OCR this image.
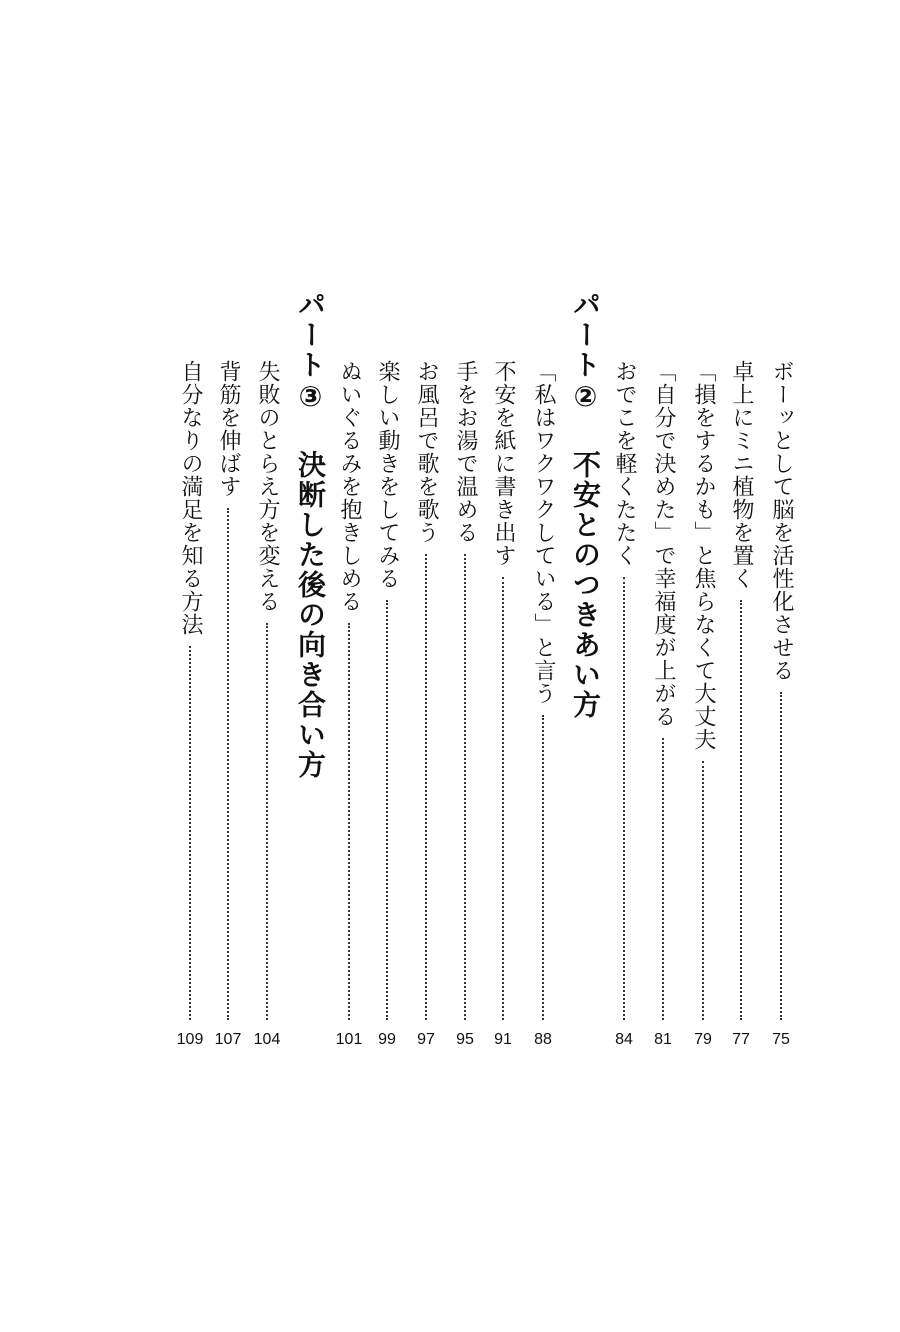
パート② 不安とのつきあい方
パート③ 決断した後の向き合い方	ボーッとして脳を活性化させる
75
卓上にミニ植物を置く
77
「損をするかも」と焦らなくて大丈夫
79
「自分で決めた」で幸福度が上がる
81
おでこを軽くたたく
84
「私はワクワクしている」と言う
88
不安を紙に書き出す
91
手をお湯で温める
95
お風呂で歌を歌う
97
楽しい動きをしてみる
99
ぬいぐるみを抱きしめる
101
失敗のとらえ方を変える
104
背筋を伸ばす
107
自分なりの満足を知る方法
109
